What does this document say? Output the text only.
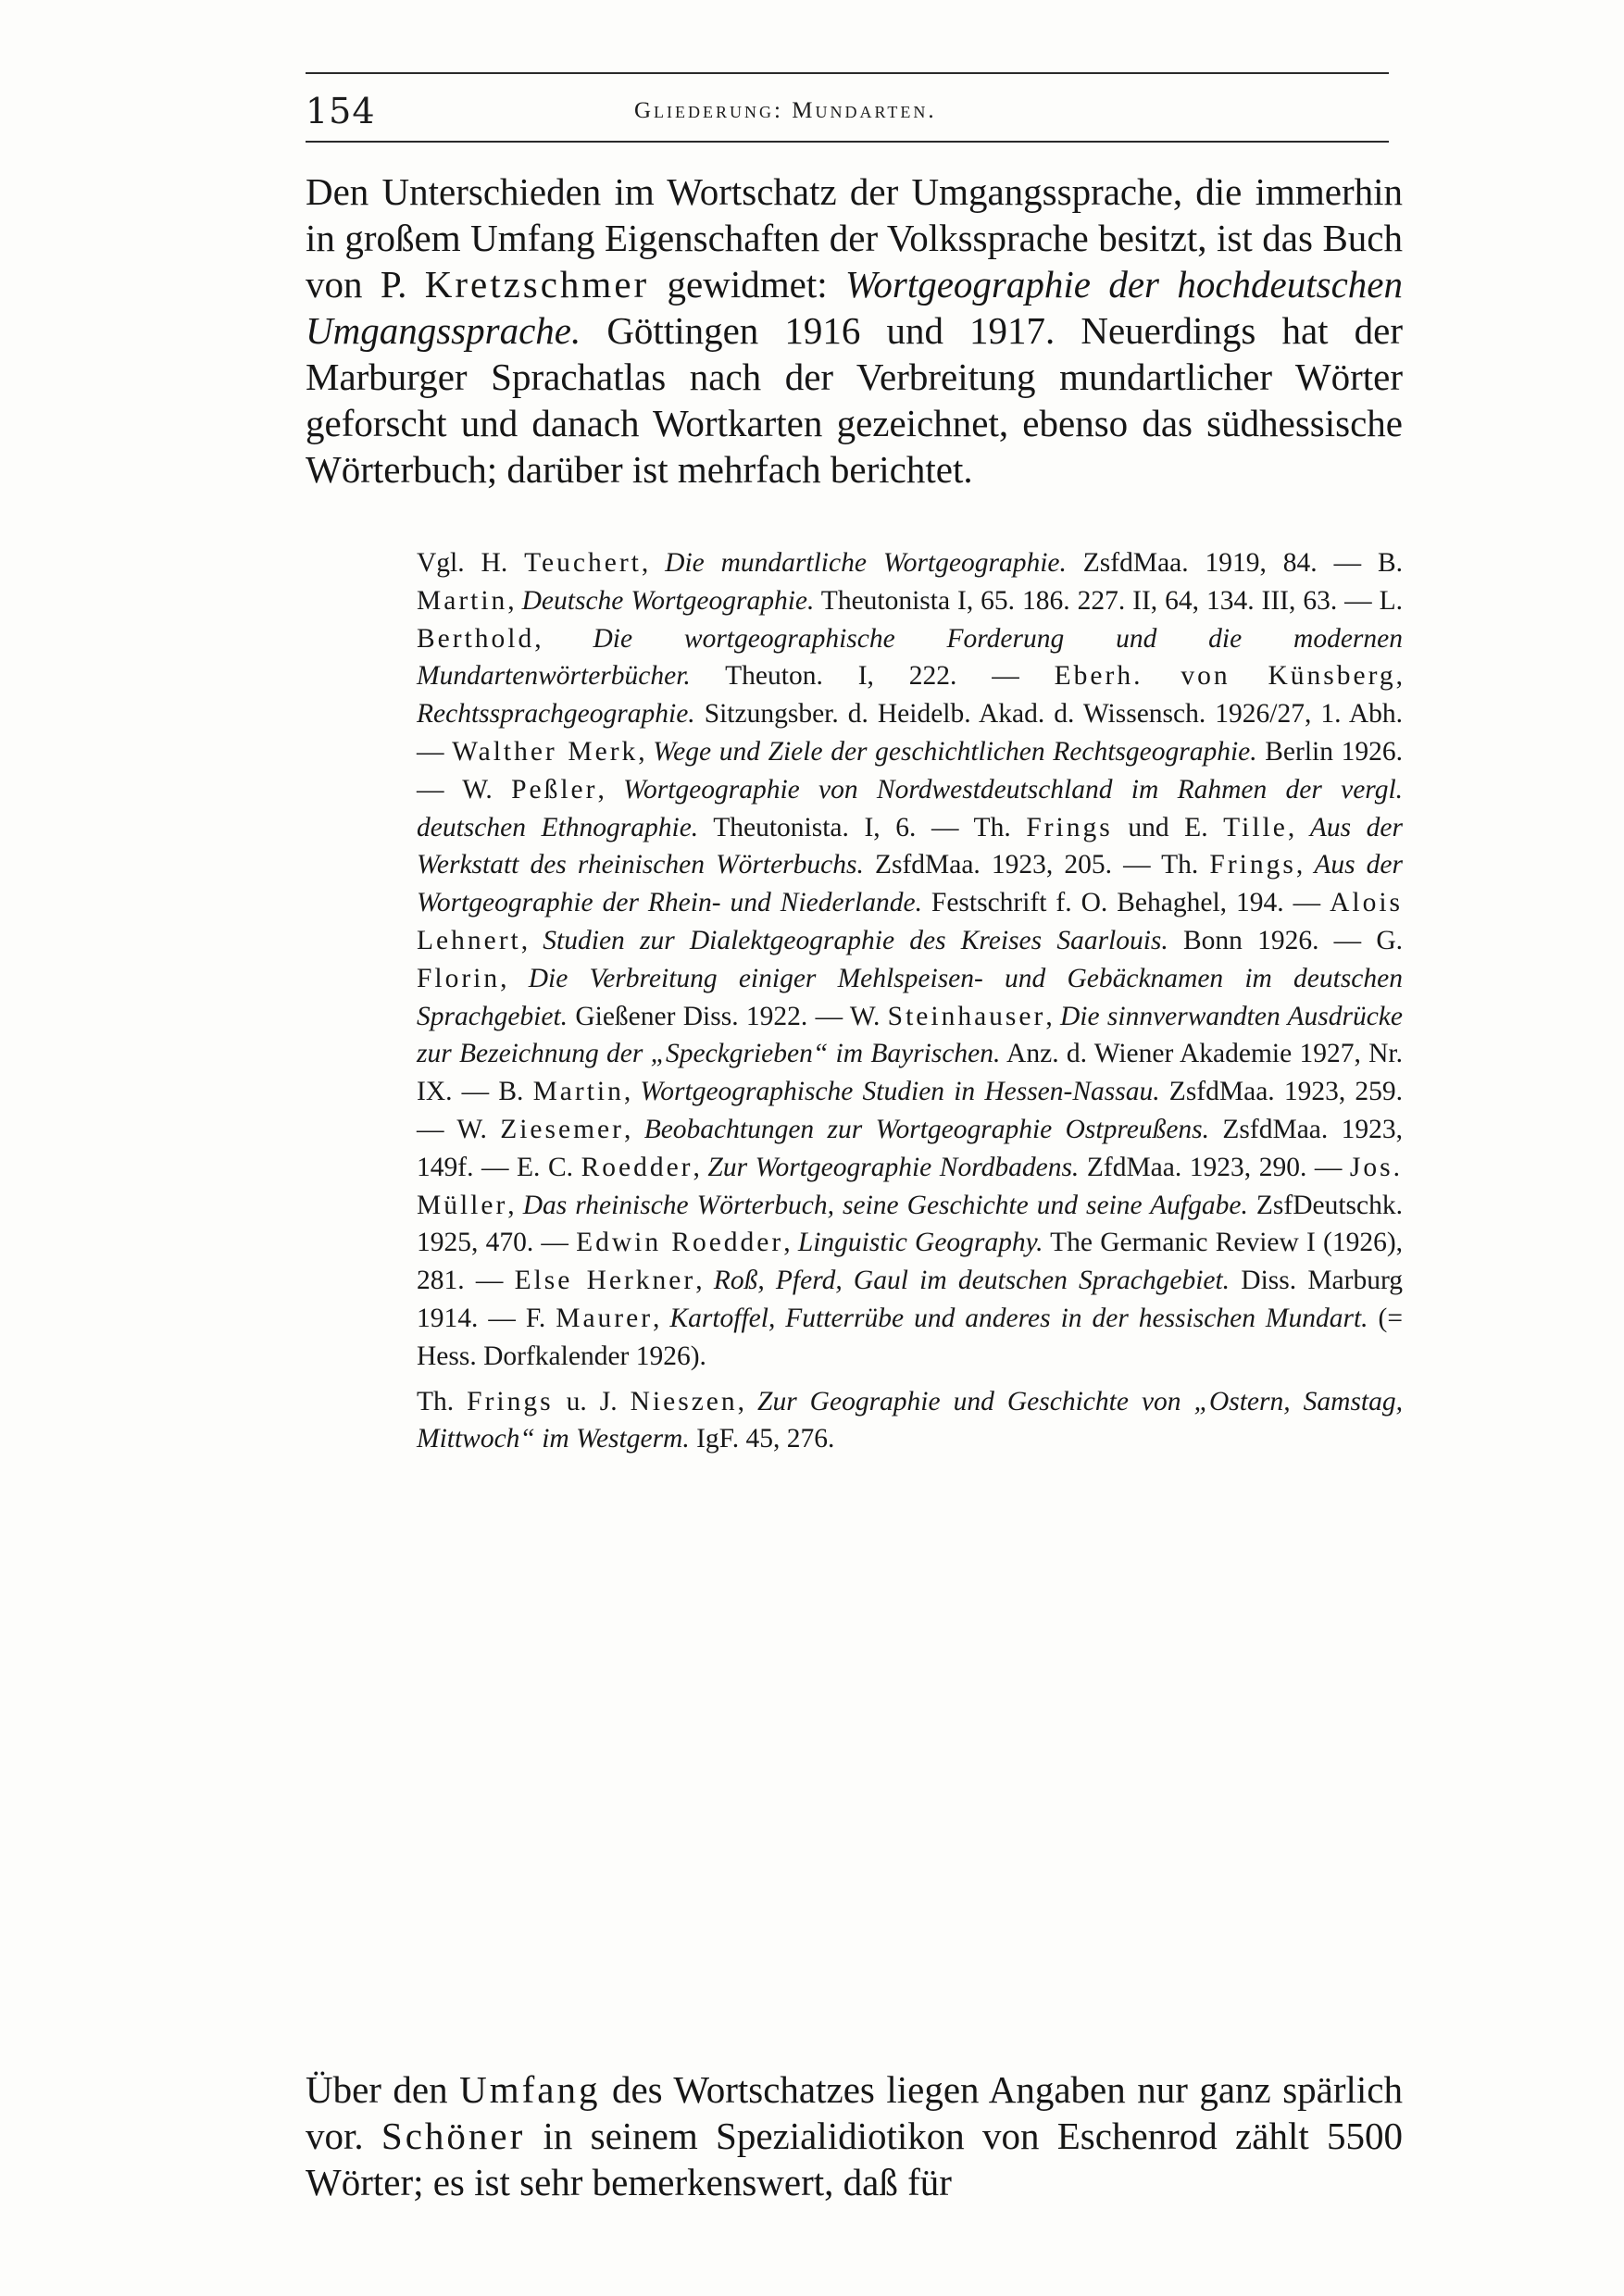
154	Gliederung: Mundarten.

Den Unterschieden im Wortschatz der Umgangssprache, die immerhin in großem Umfang Eigenschaften der Volkssprache besitzt, ist das Buch von P. Kretzschmer gewidmet: Wortgeographie der hochdeutschen Umgangssprache. Göttingen 1916 und 1917. Neuerdings hat der Marburger Sprachatlas nach der Verbreitung mundartlicher Wörter geforscht und danach Wortkarten gezeichnet, ebenso das südhessische Wörterbuch; darüber ist mehrfach berichtet.

Vgl. H. Teuchert, Die mundartliche Wortgeographie. ZsfdMaa. 1919, 84. — B. Martin, Deutsche Wortgeographie. Theutonista I, 65. 186. 227. II, 64, 134. III, 63. — L. Berthold, Die wortgeographische Forderung und die modernen Mundartenwörterbücher. Theuton. I, 222. — Eberh. von Künsberg, Rechtssprachgeographie. Sitzungsber. d. Heidelb. Akad. d. Wissensch. 1926/27, 1. Abh. — Walther Merk, Wege und Ziele der geschichtlichen Rechtsgeographie. Berlin 1926. — W. Peßler, Wortgeographie von Nordwestdeutschland im Rahmen der vergl. deutschen Ethnographie. Theutonista. I, 6. — Th. Frings und E. Tille, Aus der Werkstatt des rheinischen Wörterbuchs. ZsfdMaa. 1923, 205. — Th. Frings, Aus der Wortgeographie der Rhein- und Niederlande. Festschrift f. O. Behaghel, 194. — Alois Lehnert, Studien zur Dialektgeographie des Kreises Saarlouis. Bonn 1926. — G. Florin, Die Verbreitung einiger Mehlspeisen- und Gebäcknamen im deutschen Sprachgebiet. Gießener Diss. 1922. — W. Steinhauser, Die sinnverwandten Ausdrücke zur Bezeichnung der „Speckgrieben“ im Bayrischen. Anz. d. Wiener Akademie 1927, Nr. IX. — B. Martin, Wortgeographische Studien in Hessen-Nassau. ZsfdMaa. 1923, 259. — W. Ziesemer, Beobachtungen zur Wortgeographie Ostpreußens. ZsfdMaa. 1923, 149f. — E. C. Roedder, Zur Wortgeographie Nordbadens. ZfdMaa. 1923, 290. — Jos. Müller, Das rheinische Wörterbuch, seine Geschichte und seine Aufgabe. ZsfDeutschk. 1925, 470. — Edwin Roedder, Linguistic Geography. The Germanic Review I (1926), 281. — Else Herkner, Roß, Pferd, Gaul im deutschen Sprachgebiet. Diss. Marburg 1914. — F. Maurer, Kartoffel, Futterrübe und anderes in der hessischen Mundart. (= Hess. Dorfkalender 1926).

Th. Frings u. J. Nieszen, Zur Geographie und Geschichte von „Ostern, Samstag, Mittwoch“ im Westgerm. IgF. 45, 276.

Über den Umfang des Wortschatzes liegen Angaben nur ganz spärlich vor. Schöner in seinem Spezialidiotikon von Eschenrod zählt 5500 Wörter; es ist sehr bemerkenswert, daß für
